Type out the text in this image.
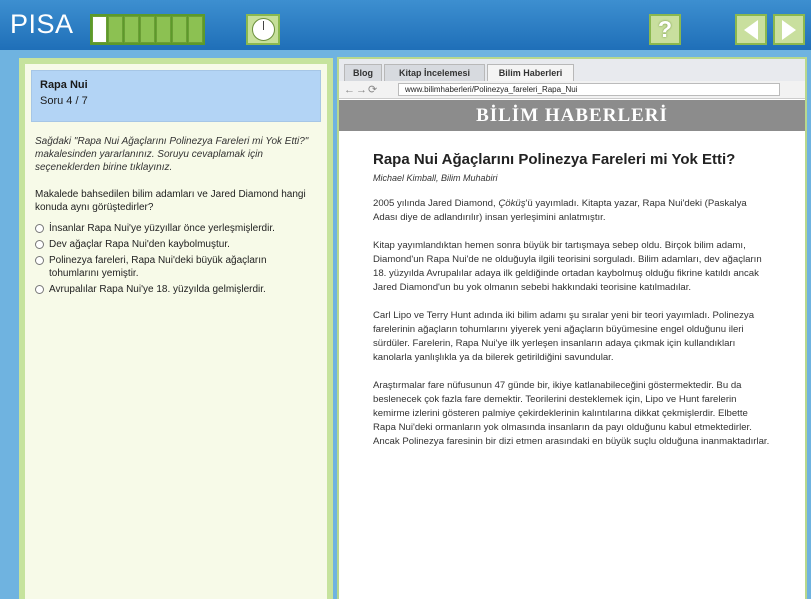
PISA	?
Rapa Nui
Soru 4 / 7
Sağdaki "Rapa Nui Ağaçlarını Polinezya Fareleri mi Yok Etti?" makalesinden yararlanınız. Soruyu cevaplamak için seçeneklerden birine tıklayınız.
Makalede bahsedilen bilim adamları ve Jared Diamond hangi konuda aynı görüştedirler?
İnsanlar Rapa Nui'ye yüzyıllar önce yerleşmişlerdir.
Dev ağaçlar Rapa Nui'den kaybolmuştur.
Polinezya fareleri, Rapa Nui'deki büyük ağaçların tohumlarını yemiştir.
Avrupalılar Rapa Nui'ye 18. yüzyılda gelmişlerdir.
Blog	Kitap İncelemesi	Bilim Haberleri
←→⟳	www.bilimhaberleri/Polinezya_fareleri_Rapa_Nui
BİLİM HABERLERİ
Rapa Nui Ağaçlarını Polinezya Fareleri mi Yok Etti?
Michael Kimball, Bilim Muhabiri
2005 yılında Jared Diamond, Çöküş'ü yayımladı. Kitapta yazar, Rapa Nui'deki (Paskalya Adası diye de adlandırılır) insan yerleşimini anlatmıştır.
Kitap yayımlandıktan hemen sonra büyük bir tartışmaya sebep oldu. Birçok bilim adamı, Diamond'un Rapa Nui'de ne olduğuyla ilgili teorisini sorguladı. Bilim adamları, dev ağaçların 18. yüzyılda Avrupalılar adaya ilk geldiğinde ortadan kaybolmuş olduğu fikrine katıldı ancak Jared Diamond'un bu yok olmanın sebebi hakkındaki teorisine katılmadılar.
Carl Lipo ve Terry Hunt adında iki bilim adamı şu sıralar yeni bir teori yayımladı. Polinezya farelerinin ağaçların tohumlarını yiyerek yeni ağaçların büyümesine engel olduğunu ileri sürdüler. Farelerin, Rapa Nui'ye ilk yerleşen insanların adaya çıkmak için kullandıkları kanolarla yanlışlıkla ya da bilerek getirildiğini savundular.
Araştırmalar fare nüfusunun 47 günde bir, ikiye katlanabileceğini göstermektedir. Bu da beslenecek çok fazla fare demektir. Teorilerini desteklemek için, Lipo ve Hunt farelerin kemirme izlerini gösteren palmiye çekirdeklerinin kalıntılarına dikkat çekmişlerdir. Elbette Rapa Nui'deki ormanların yok olmasında insanların da payı olduğunu kabul etmektedirler. Ancak Polinezya faresinin bir dizi etmen arasındaki en büyük suçlu olduğuna inanmaktadırlar.
